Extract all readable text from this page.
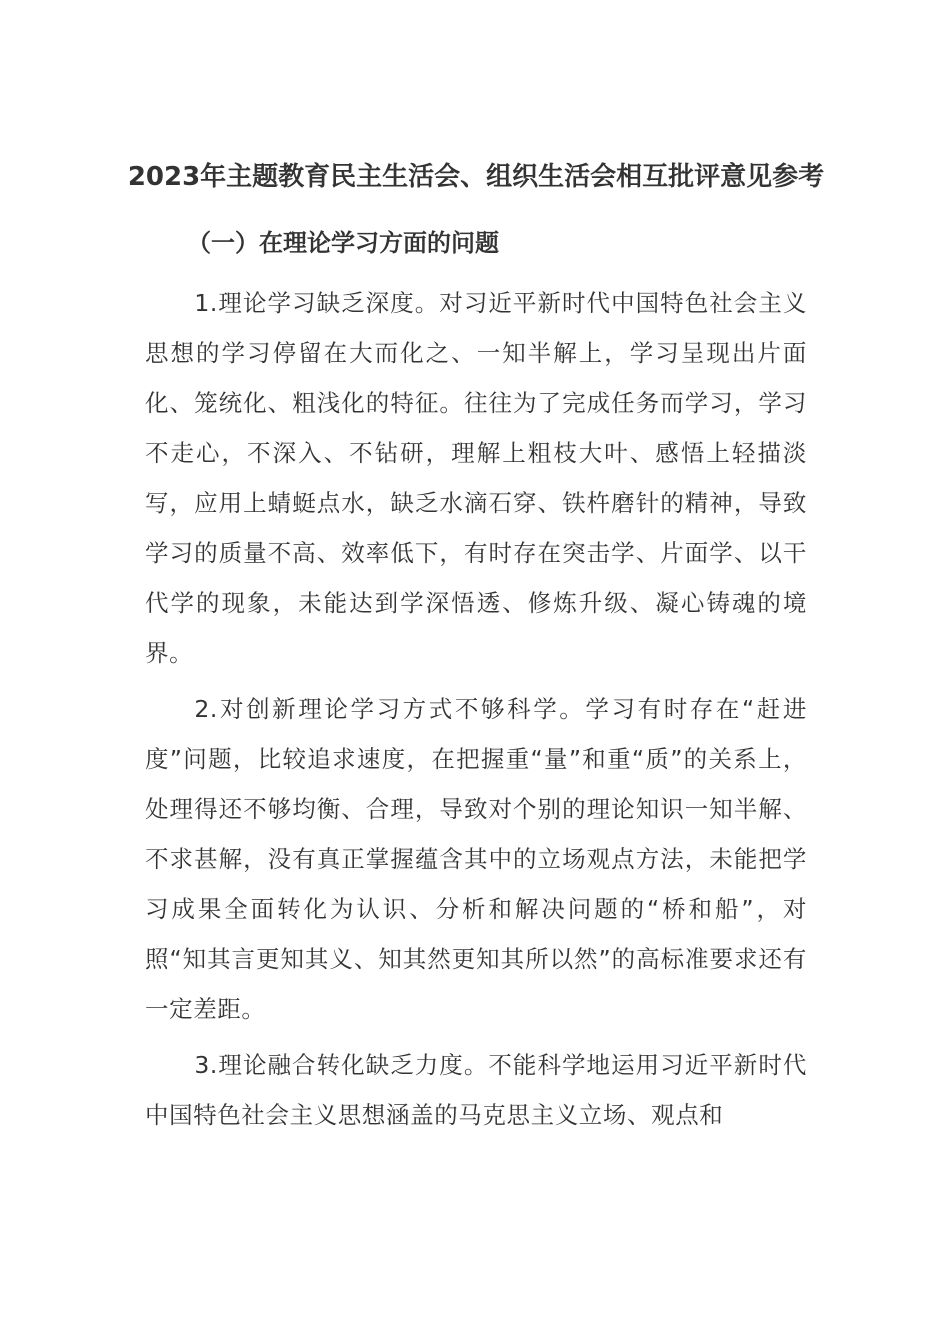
2023年主题教育民主生活会、组织生活会相互批评意见参考
（一）在理论学习方面的问题

1.理论学习缺乏深度。对习近平新时代中国特色社会主义思想的学习停留在大而化之、一知半解上，学习呈现出片面化、笼统化、粗浅化的特征。往往为了完成任务而学习，学习不走心，不深入、不钻研，理解上粗枝大叶、感悟上轻描淡写，应用上蜻蜓点水，缺乏水滴石穿、铁杵磨针的精神，导致学习的质量不高、效率低下，有时存在突击学、片面学、以干代学的现象，未能达到学深悟透、修炼升级、凝心铸魂的境界。

2.对创新理论学习方式不够科学。学习有时存在“赶进度”问题，比较追求速度，在把握重“量”和重“质”的关系上，处理得还不够均衡、合理，导致对个别的理论知识一知半解、不求甚解，没有真正掌握蕴含其中的立场观点方法，未能把学习成果全面转化为认识、分析和解决问题的“桥和船”，对照“知其言更知其义、知其然更知其所以然”的高标准要求还有一定差距。

3.理论融合转化缺乏力度。不能科学地运用习近平新时代中国特色社会主义思想涵盖的马克思主义立场、观点和
